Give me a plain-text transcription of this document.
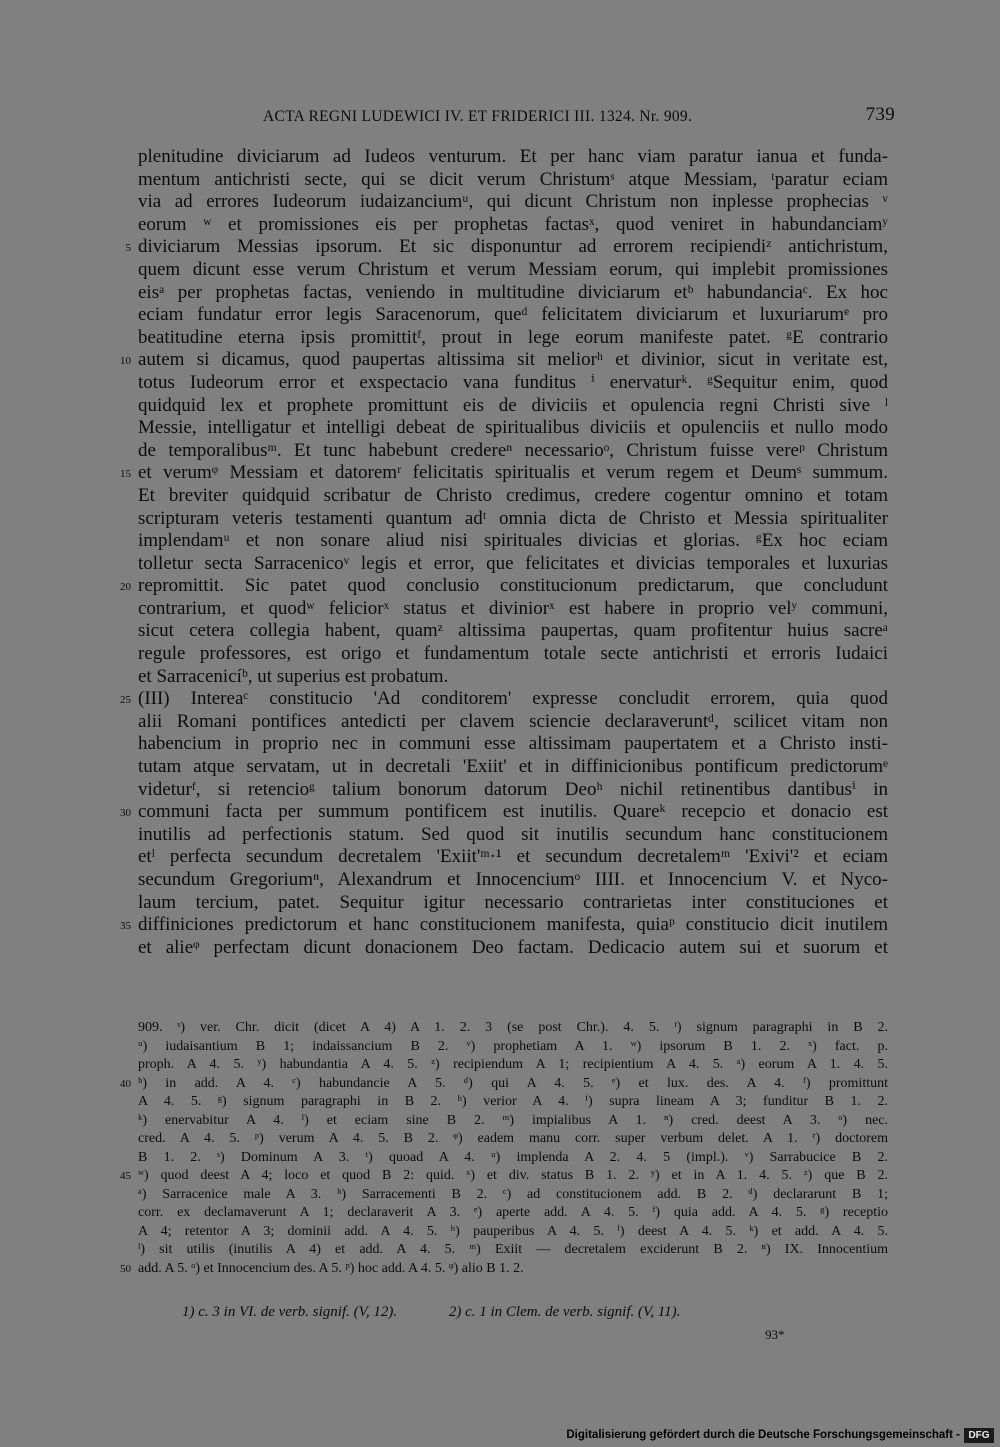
ACTA REGNI LUDEWICI IV. ET FRIDERICI III. 1324. Nr. 909.	739
plenitudine diviciarum ad Iudeos venturum. Et per hanc viam paratur ianua et funda-
mentum antichristi secte, qui se dicit verum Christumˢ atque Messiam, ᵗparatur eciam
via ad errores Iudeorum iudaizanciumᵘ, qui dicunt Christum non inplesse prophecias ᵛ
eorum ʷ et promissiones eis per prophetas factasˣ, quod veniret in habundanciamʸ
5 diviciarum Messias ipsorum. Et sic disponuntur ad errorem recipiendiᶻ antichristum,
quem dicunt esse verum Christum et verum Messiam eorum, qui implebit promissiones
eisᵃ per prophetas factas, veniendo in multitudine diviciarum etᵇ habundanciaᶜ. Ex hoc
eciam fundatur error legis Saracenorum, queᵈ felicitatem diviciarum et luxuriarumᵉ pro
beatitudine eterna ipsis promittitᶠ, prout in lege eorum manifeste patet. ᵍE contrario
10 autem si dicamus, quod paupertas altissima sit meliorʰ et divinior, sicut in veritate est,
totus Iudeorum error et exspectacio vana funditus ⁱ enervaturᵏ. ᵍSequitur enim, quod
quidquid lex et prophete promittunt eis de diviciis et opulencia regni Christi sive ˡ
Messie, intelligatur et intelligi debeat de spiritualibus diviciis et opulenciis et nullo modo
de temporalibusᵐ. Et tunc habebunt credereⁿ necessarioᵒ, Christum fuisse vereᵖ Christum
15 et verumᵠ Messiam et datoremʳ felicitatis spiritualis et verum regem et Deumˢ summum.
Et breviter quidquid scribatur de Christo credimus, credere cogentur omnino et totam
scripturam veteris testamenti quantum adᵗ omnia dicta de Christo et Messia spiritualiter
implendamᵘ et non sonare aliud nisi spirituales divicias et glorias. ᵍEx hoc eciam
tolletur secta Sarracenicoᵛ legis et error, que felicitates et divicias temporales et luxurias
20 repromittit. Sic patet quod conclusio constitucionum predictarum, que concludunt
contrarium, et quodʷ feliciorˣ status et diviniorˣ est habere in proprio velʸ communi,
sicut cetera collegia habent, quamᶻ altissima paupertas, quam profitentur huius sacreᵃ
regule professores, est origo et fundamentum totale secte antichristi et erroris Iudaici
et Sarracenicíᵇ, ut superius est probatum.
25 (III) Intereaᶜ constitucio 'Ad conditorem' expresse concludit errorem, quia quod
alii Romani pontifices antedicti per clavem sciencie declaraveruntᵈ, scilicet vitam non
habencium in proprio nec in communi esse altissimam paupertatem et a Christo insti-
tutam atque servatam, ut in decretali 'Exiit' et in diffinicionibus pontificum predictorumᵉ
videturᶠ, si retencioᵍ talium bonorum datorum Deoʰ nichil retinentibus dantibusⁱ in
30 communi facta per summum pontificem est inutilis. Quareᵏ recepcio et donacio est
inutilis ad perfectionis statum. Sed quod sit inutilis secundum hanc constitucionem
etˡ perfecta secundum decretalem 'Exiit'ᵐ·¹ et secundum decretalemᵐ 'Exivi'² et eciam
secundum Gregoriumⁿ, Alexandrum et Innocenciumᵒ IIII. et Innocencium V. et Nyco-
laum tercium, patet. Sequitur igitur necessario contrarietas inter constituciones et
35 diffiniciones predictorum et hanc constitucionem manifesta, quiaᵖ constitucio dicit inutilem
et alieᵠ perfectam dicunt donacionem Deo factam. Dedicacio autem sui et suorum et
909. ˢ) ver. Chr. dicit (dicet A 4) A 1. 2. 3 (se post Chr.). 4. 5. ᵗ) signum paragraphi in B 2.
ᵘ) iudaisantium B 1; indaissancium B 2. ᵛ) prophetiam A 1. ʷ) ipsorum B 1. 2. ˣ) fact. p.
proph. A 4. 5. ʸ) habundantia A 4. 5. ᶻ) recipiendum A 1; recipientium A 4. 5. ᵃ) eorum A 1. 4. 5.
40 ᵇ) in add. A 4. ᶜ) habundancie A 5. ᵈ) qui A 4. 5. ᵉ) et lux. des. A 4. ᶠ) promittunt
A 4. 5. ᵍ) signum paragraphi in B 2. ʰ) verior A 4. ⁱ) supra lineam A 3; funditur B 1. 2.
ᵏ) enervabitur A 4. ˡ) et eciam sine B 2. ᵐ) impialibus A 1. ⁿ) cred. deest A 3. ᵒ) nec.
cred. A 4. 5. ᵖ) verum A 4. 5. B 2. ᵠ) eadem manu corr. super verbum delet. A 1. ʳ) doctorem
B 1. 2. ˢ) Dominum A 3. ᵗ) quoad A 4. ᵘ) implenda A 2. 4. 5 (impl.). ᵛ) Sarrabucice B 2.
45 ʷ) quod deest A 4; loco et quod B 2: quid. ˣ) et div. status B 1. 2. ʸ) et in A 1. 4. 5. ᶻ) que B 2.
ᵃ) Sarracenice male A 3. ᵇ) Sarracementi B 2. ᶜ) ad constitucionem add. B 2. ᵈ) declararunt B 1;
corr. ex declamaverunt A 1; declaraverit A 3. ᵉ) aperte add. A 4. 5. ᶠ) quia add. A 4. 5. ᵍ) receptio
A 4; retentor A 3; dominii add. A 4. 5. ʰ) pauperibus A 4. 5. ⁱ) deest A 4. 5. ᵏ) et add. A 4. 5.
ˡ) sit utilis (inutilis A 4) et add. A 4. 5. ᵐ) Exiit — decretalem exciderunt B 2. ⁿ) IX. Innocentium
50 add. A 5. ᵒ) et Innocencium des. A 5. ᵖ) hoc add. A 4. 5. ᵠ) alio B 1. 2.
1) c. 3 in VI. de verb. signif. (V, 12).	2) c. 1 in Clem. de verb. signif. (V, 11).
93*
Digitalisierung gefördert durch die Deutsche Forschungsgemeinschaft - DFG
